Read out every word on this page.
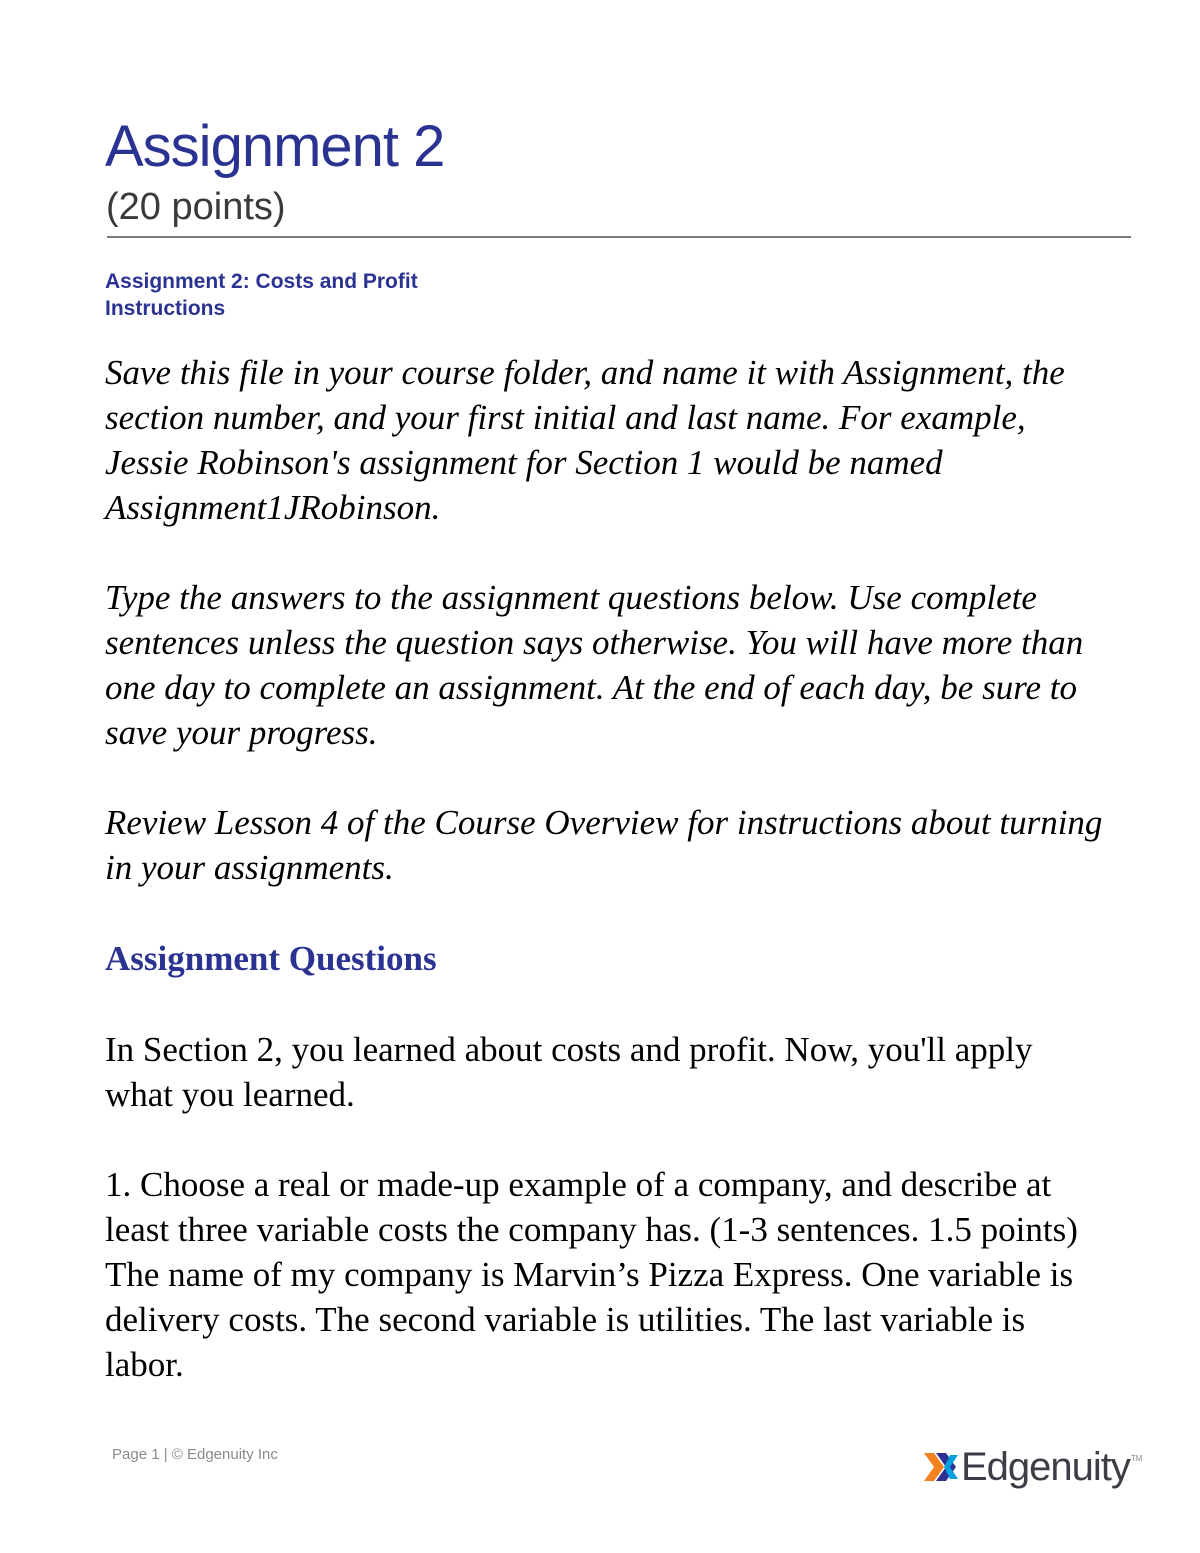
Assignment 2
(20 points)
Assignment 2: Costs and Profit
Instructions

Save this file in your course folder, and name it with Assignment, the section number, and your first initial and last name. For example, Jessie Robinson's assignment for Section 1 would be named Assignment1JRobinson.

Type the answers to the assignment questions below. Use complete sentences unless the question says otherwise. You will have more than one day to complete an assignment. At the end of each day, be sure to save your progress.

Review Lesson 4 of the Course Overview for instructions about turning in your assignments.

Assignment Questions

In Section 2, you learned about costs and profit. Now, you'll apply what you learned.

1. Choose a real or made-up example of a company, and describe at least three variable costs the company has. (1-3 sentences. 1.5 points)

The name of my company is Marvin’s Pizza Express. One variable is delivery costs. The second variable is utilities. The last variable is labor.

Page 1 | © Edgenuity Inc	Edgenuity TM
